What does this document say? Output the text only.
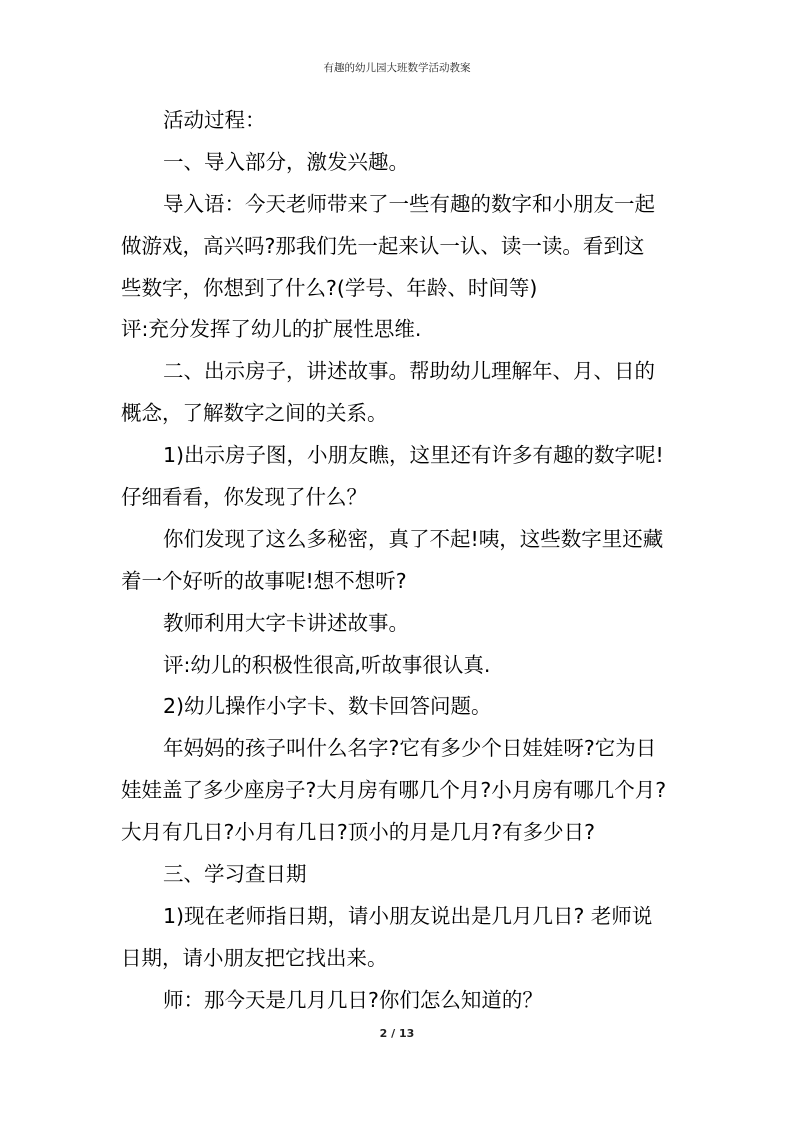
有趣的幼儿园大班数学活动教案
活动过程：
一、导入部分，激发兴趣。
导入语：今天老师带来了一些有趣的数字和小朋友一起
做游戏，高兴吗?那我们先一起来认一认、读一读。看到这
些数字，你想到了什么?(学号、年龄、时间等)
评:充分发挥了幼儿的扩展性思维.
二、出示房子，讲述故事。帮助幼儿理解年、月、日的
概念，了解数字之间的关系。
1)出示房子图，小朋友瞧，这里还有许多有趣的数字呢!
仔细看看，你发现了什么？
你们发现了这么多秘密，真了不起!咦，这些数字里还藏
着一个好听的故事呢!想不想听?
教师利用大字卡讲述故事。
评:幼儿的积极性很高,听故事很认真.
2)幼儿操作小字卡、数卡回答问题。
年妈妈的孩子叫什么名字?它有多少个日娃娃呀?它为日
娃娃盖了多少座房子?大月房有哪几个月?小月房有哪几个月?
大月有几日?小月有几日?顶小的月是几月?有多少日?
三、学习查日期
1)现在老师指日期，请小朋友说出是几月几日? 老师说
日期，请小朋友把它找出来。
师：那今天是几月几日?你们怎么知道的？
2 / 13
